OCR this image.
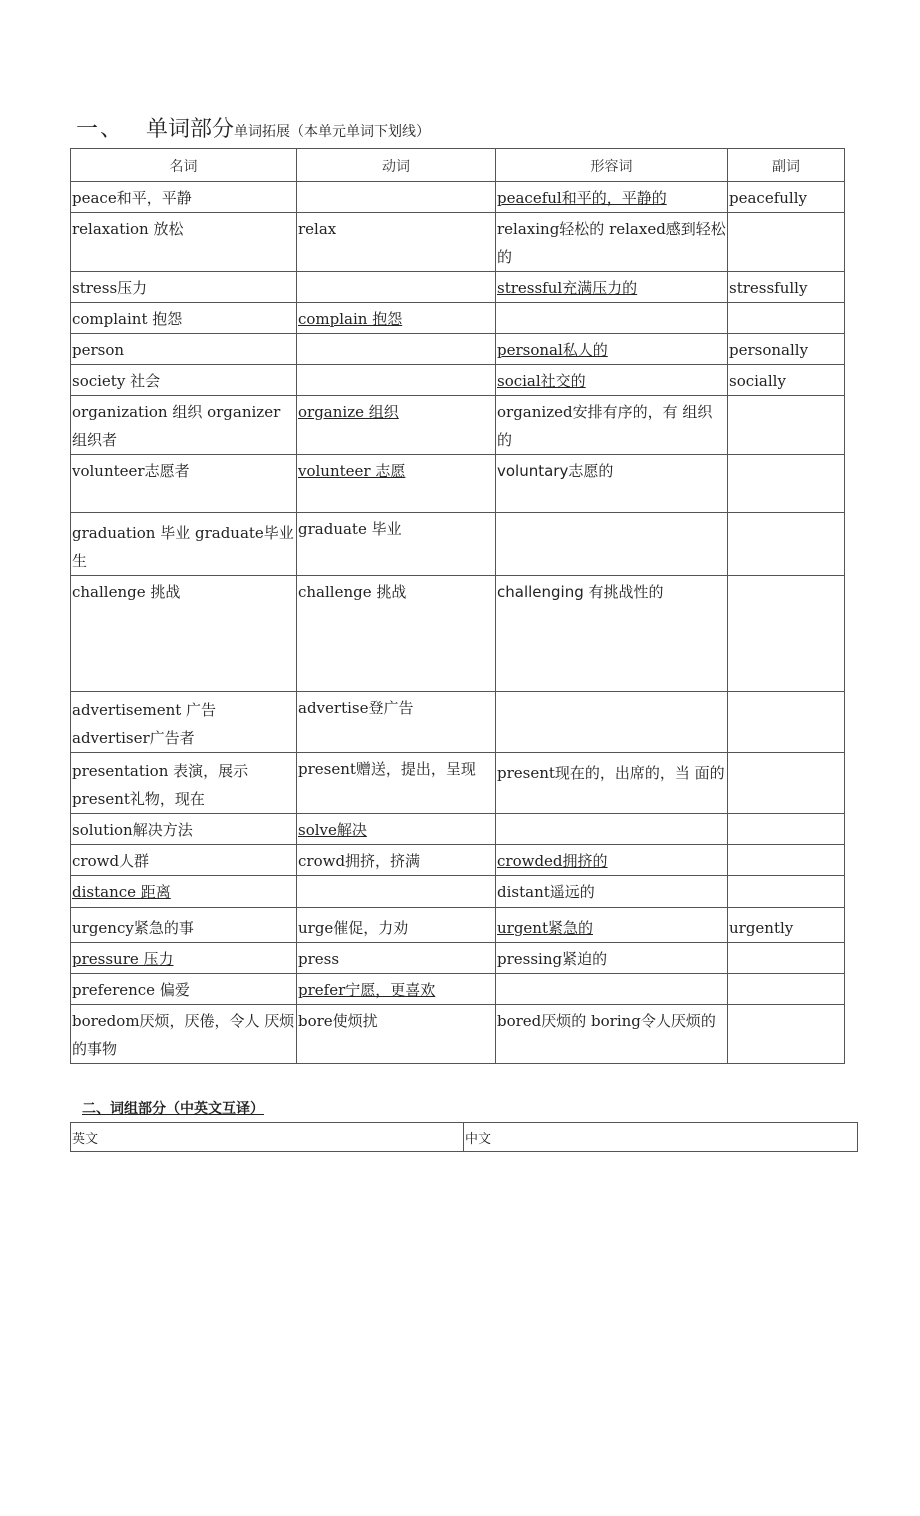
一、 单词部分单词拓展（本单元单词下划线）
名词	动词	形容词	副词
peace和平，平静		peaceful和平的，平静的	peacefully
relaxation 放松	relax	relaxing轻松的 relaxed感到轻松的	
stress压力		stressful充满压力的	stressfully
complaint 抱怨	complain 抱怨		
person		personal私人的	personally
society 社会		social社交的	socially
organization 组织 organizer组织者	organize 组织	organized安排有序的，有 组织的	
volunteer志愿者	volunteer 志愿	voluntary志愿的	
graduation 毕业 graduate毕业生	graduate 毕业		
challenge 挑战	challenge 挑战	challenging 有挑战性的	
advertisement 广告 advertiser广告者	advertise登广告		
presentation 表演，展示 present礼物，现在	present赠送，提出，呈现	present现在的，出席的，当 面的	
solution解决方法	solve解决		
crowd人群	crowd拥挤，挤满	crowded拥挤的	
distance 距离		distant遥远的	
urgency紧急的事	urge催促，力劝	urgent紧急的	urgently
pressure 压力	press	pressing紧迫的	
preference 偏爱	prefer宁愿，更喜欢		
boredom厌烦，厌倦，令人 厌烦的事物	bore使烦扰	bored厌烦的 boring令人厌烦的	
二、词组部分（中英文互译）
英文	中文
